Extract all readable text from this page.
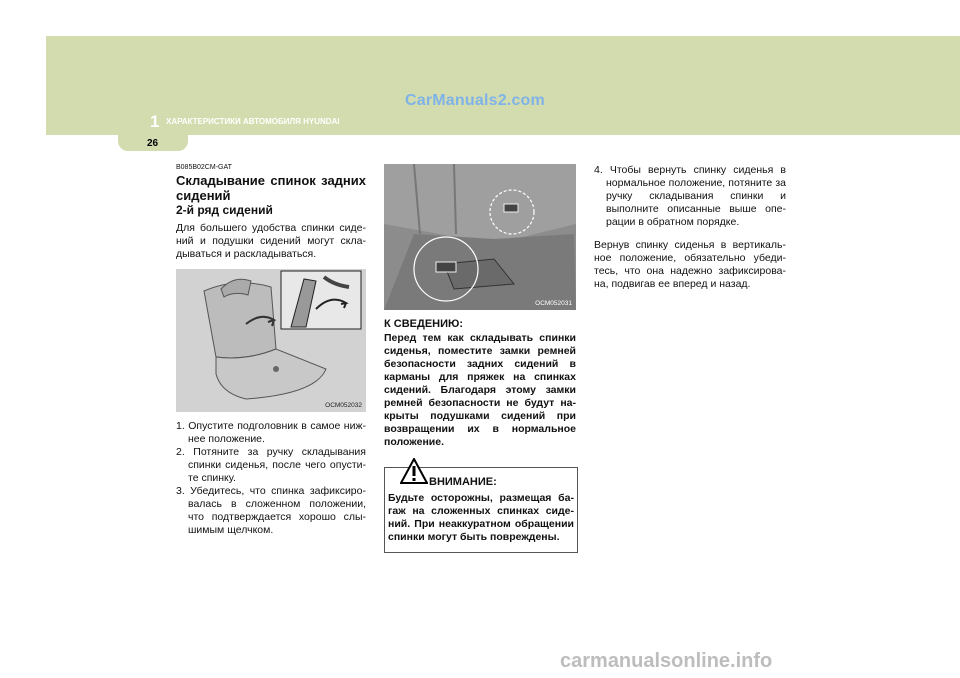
1 ХАРАКТЕРИСТИКИ АВТОМОБИЛЯ HYUNDAI
CarManuals2.com
26

B085B02CM-GAT

Складывание спинок задних сидений

2-й ряд сидений

Для большего удобства спинки сиде-ний и подушки сидений могут скла-дываться и раскладываться.

OCM052032
1. Опустите подголовник в самое ниж-нее положение.
2. Потяните за ручку складывания спинки сиденья, после чего опусти-те спинку.
3. Убедитесь, что спинка зафиксиро-валась в сложенном положении, что подтверждается хорошо слы-шимым щелчком.
OCM052031

К СВЕДЕНИЮ:

Перед тем как складывать спинки сиденья, поместите замки ремней безопасности задних сидений в карманы для пряжек на спинках сидений. Благодаря этому замки ремней безопасности не будут на-крыты подушками сидений при возвращении их в нормальное положение.

ВНИМАНИЕ:

Будьте осторожны, размещая ба-гаж на сложенных спинках сиде-ний. При неаккуратном обращении спинки могут быть повреждены.

4. Чтобы вернуть спинку сиденья в нормальное положение, потяните за ручку складывания спинки и выполните описанные выше опе-рации в обратном порядке.

Вернув спинку сиденья в вертикаль-ное положение, обязательно убеди-тесь, что она надежно зафиксирова-на, подвигав ее вперед и назад.

carmanualsonline.info
